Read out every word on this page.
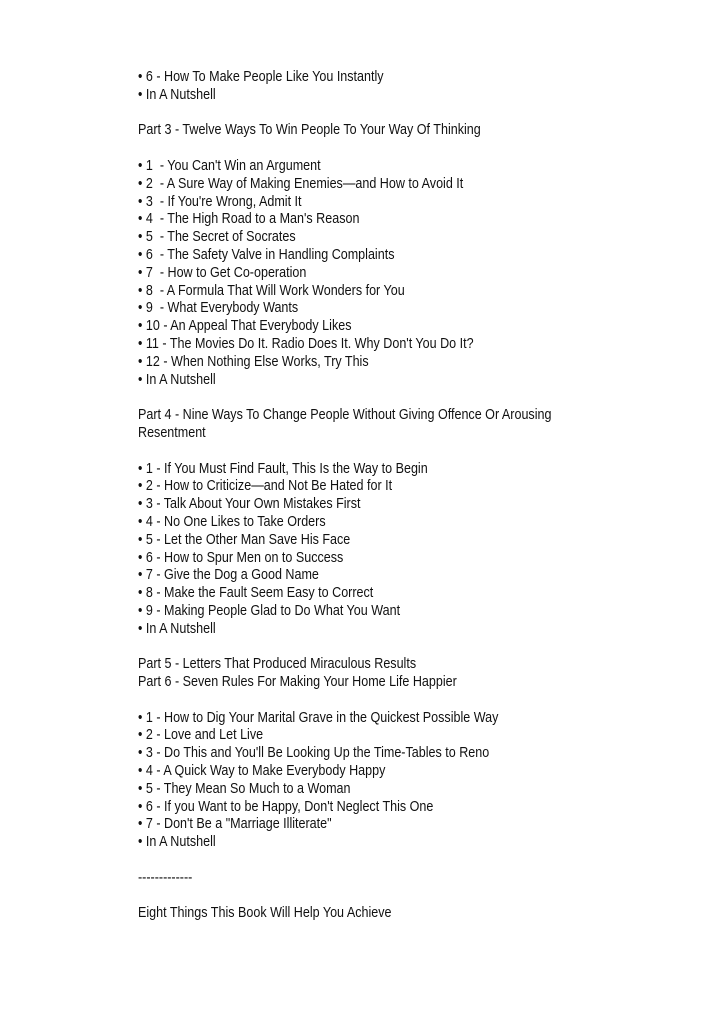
• 6 - How To Make People Like You Instantly
• In A Nutshell
Part 3 - Twelve Ways To Win People To Your Way Of Thinking
• 1  - You Can't Win an Argument
• 2  - A Sure Way of Making Enemies—and How to Avoid It
• 3  - If You're Wrong, Admit It
• 4  - The High Road to a Man's Reason
• 5  - The Secret of Socrates
• 6  - The Safety Valve in Handling Complaints
• 7  - How to Get Co-operation
• 8  - A Formula That Will Work Wonders for You
• 9  - What Everybody Wants
• 10 - An Appeal That Everybody Likes
• 11 - The Movies Do It. Radio Does It. Why Don't You Do It?
• 12 - When Nothing Else Works, Try This
• In A Nutshell
Part 4 - Nine Ways To Change People Without Giving Offence Or Arousing Resentment
• 1 - If You Must Find Fault, This Is the Way to Begin
• 2 - How to Criticize—and Not Be Hated for It
• 3 - Talk About Your Own Mistakes First
• 4 - No One Likes to Take Orders
• 5 - Let the Other Man Save His Face
• 6 - How to Spur Men on to Success
• 7 - Give the Dog a Good Name
• 8 - Make the Fault Seem Easy to Correct
• 9 - Making People Glad to Do What You Want
• In A Nutshell
Part 5 - Letters That Produced Miraculous Results
Part 6 - Seven Rules For Making Your Home Life Happier
• 1 - How to Dig Your Marital Grave in the Quickest Possible Way
• 2 - Love and Let Live
• 3 - Do This and You'll Be Looking Up the Time-Tables to Reno
• 4 - A Quick Way to Make Everybody Happy
• 5 - They Mean So Much to a Woman
• 6 - If you Want to be Happy, Don't Neglect This One
• 7 - Don't Be a "Marriage Illiterate"
• In A Nutshell
-------------
Eight Things This Book Will Help You Achieve
